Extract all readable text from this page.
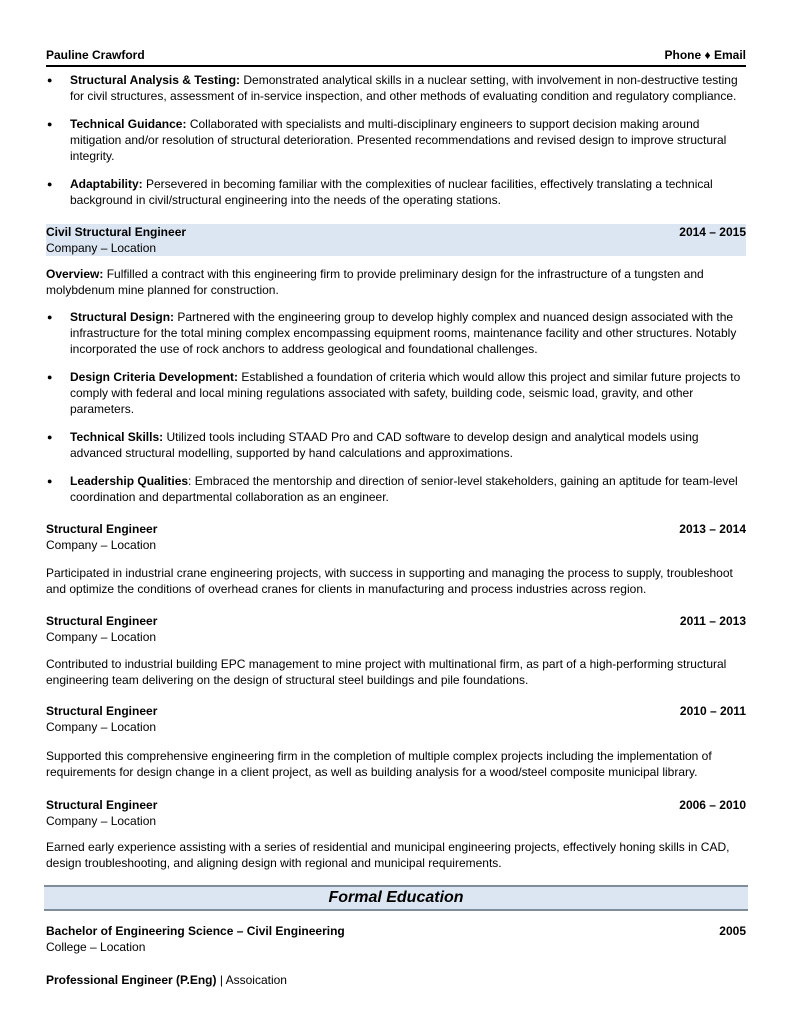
Pauline Crawford	Phone ♦ Email
● Structural Analysis & Testing: Demonstrated analytical skills in a nuclear setting, with involvement in non-destructive testing for civil structures, assessment of in-service inspection, and other methods of evaluating condition and regulatory compliance.
● Technical Guidance: Collaborated with specialists and multi-disciplinary engineers to support decision making around mitigation and/or resolution of structural deterioration. Presented recommendations and revised design to improve structural integrity.
● Adaptability: Persevered in becoming familiar with the complexities of nuclear facilities, effectively translating a technical background in civil/structural engineering into the needs of the operating stations.
Civil Structural Engineer	2014 – 2015
Company – Location

Overview: Fulfilled a contract with this engineering firm to provide preliminary design for the infrastructure of a tungsten and molybdenum mine planned for construction.

● Structural Design: Partnered with the engineering group to develop highly complex and nuanced design associated with the infrastructure for the total mining complex encompassing equipment rooms, maintenance facility and other structures. Notably incorporated the use of rock anchors to address geological and foundational challenges.
● Design Criteria Development: Established a foundation of criteria which would allow this project and similar future projects to comply with federal and local mining regulations associated with safety, building code, seismic load, gravity, and other parameters.
● Technical Skills: Utilized tools including STAAD Pro and CAD software to develop design and analytical models using advanced structural modelling, supported by hand calculations and approximations.
● Leadership Qualities: Embraced the mentorship and direction of senior-level stakeholders, gaining an aptitude for team-level coordination and departmental collaboration as an engineer.
Structural Engineer	2013 – 2014
Company – Location

Participated in industrial crane engineering projects, with success in supporting and managing the process to supply, troubleshoot and optimize the conditions of overhead cranes for clients in manufacturing and process industries across region.

Structural Engineer	2011 – 2013
Company – Location

Contributed to industrial building EPC management to mine project with multinational firm, as part of a high-performing structural engineering team delivering on the design of structural steel buildings and pile foundations.

Structural Engineer	2010 – 2011
Company – Location

Supported this comprehensive engineering firm in the completion of multiple complex projects including the implementation of requirements for design change in a client project, as well as building analysis for a wood/steel composite municipal library.

Structural Engineer	2006 – 2010
Company – Location

Earned early experience assisting with a series of residential and municipal engineering projects, effectively honing skills in CAD, design troubleshooting, and aligning design with regional and municipal requirements.

Formal Education
Bachelor of Engineering Science – Civil Engineering	2005
College – Location

Professional Engineer (P.Eng) | Assoication
